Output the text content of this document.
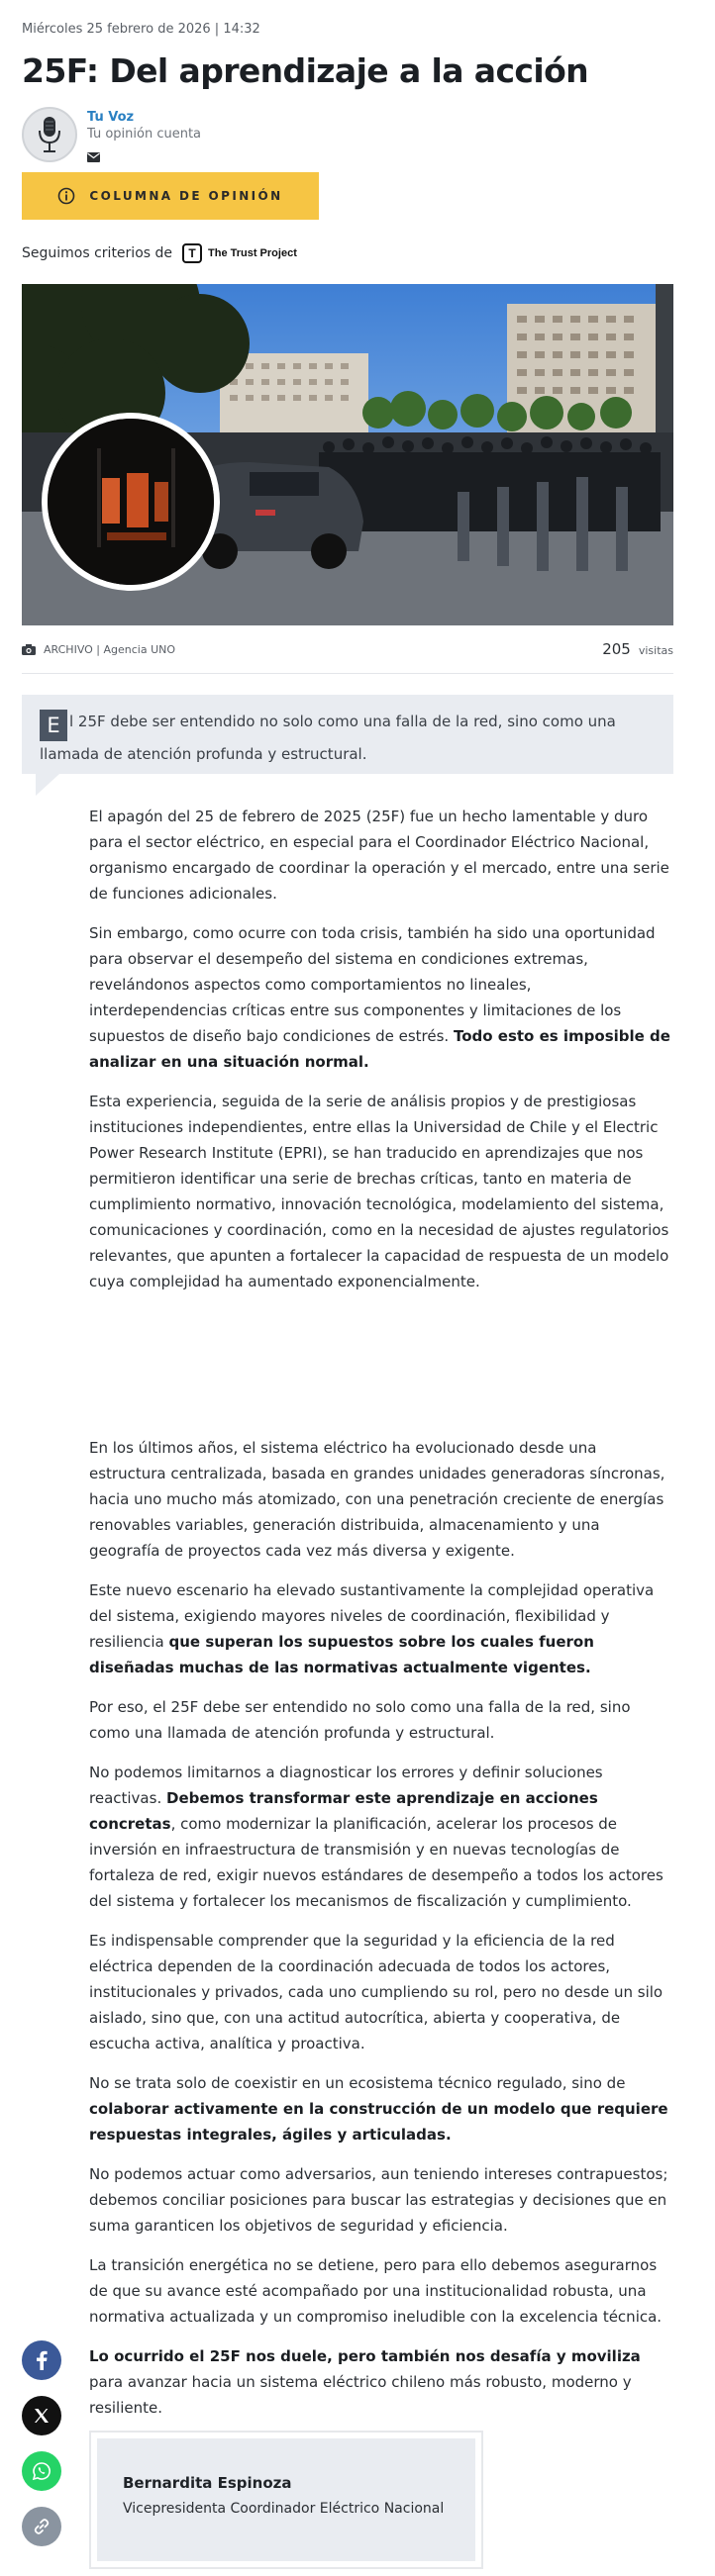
Miércoles 25 febrero de 2026 | 14:32
25F: Del aprendizaje a la acción
Tu Voz
Tu opinión cuenta
COLUMNA DE OPINIÓN
Seguimos criterios de	T	The Trust Project
ARCHIVO | Agencia UNO	205 visitas
E l 25F debe ser entendido no solo como una falla de la red, sino como una llamada de atención profunda y estructural.

El apagón del 25 de febrero de 2025 (25F) fue un hecho lamentable y duro para el sector eléctrico, en especial para el Coordinador Eléctrico Nacional, organismo encargado de coordinar la operación y el mercado, entre una serie de funciones adicionales.

Sin embargo, como ocurre con toda crisis, también ha sido una oportunidad para observar el desempeño del sistema en condiciones extremas, revelándonos aspectos como comportamientos no lineales, interdependencias críticas entre sus componentes y limitaciones de los supuestos de diseño bajo condiciones de estrés. Todo esto es imposible de analizar en una situación normal.

Esta experiencia, seguida de la serie de análisis propios y de prestigiosas instituciones independientes, entre ellas la Universidad de Chile y el Electric Power Research Institute (EPRI), se han traducido en aprendizajes que nos permitieron identificar una serie de brechas críticas, tanto en materia de cumplimiento normativo, innovación tecnológica, modelamiento del sistema, comunicaciones y coordinación, como en la necesidad de ajustes regulatorios relevantes, que apunten a fortalecer la capacidad de respuesta de un modelo cuya complejidad ha aumentado exponencialmente.

En los últimos años, el sistema eléctrico ha evolucionado desde una estructura centralizada, basada en grandes unidades generadoras síncronas, hacia uno mucho más atomizado, con una penetración creciente de energías renovables variables, generación distribuida, almacenamiento y una geografía de proyectos cada vez más diversa y exigente.

Este nuevo escenario ha elevado sustantivamente la complejidad operativa del sistema, exigiendo mayores niveles de coordinación, flexibilidad y resiliencia que superan los supuestos sobre los cuales fueron diseñadas muchas de las normativas actualmente vigentes.

Por eso, el 25F debe ser entendido no solo como una falla de la red, sino como una llamada de atención profunda y estructural.

No podemos limitarnos a diagnosticar los errores y definir soluciones reactivas. Debemos transformar este aprendizaje en acciones concretas, como modernizar la planificación, acelerar los procesos de inversión en infraestructura de transmisión y en nuevas tecnologías de fortaleza de red, exigir nuevos estándares de desempeño a todos los actores del sistema y fortalecer los mecanismos de fiscalización y cumplimiento.

Es indispensable comprender que la seguridad y la eficiencia de la red eléctrica dependen de la coordinación adecuada de todos los actores, institucionales y privados, cada uno cumpliendo su rol, pero no desde un silo aislado, sino que, con una actitud autocrítica, abierta y cooperativa, de escucha activa, analítica y proactiva.

No se trata solo de coexistir en un ecosistema técnico regulado, sino de colaborar activamente en la construcción de un modelo que requiere respuestas integrales, ágiles y articuladas.

No podemos actuar como adversarios, aun teniendo intereses contrapuestos; debemos conciliar posiciones para buscar las estrategias y decisiones que en suma garanticen los objetivos de seguridad y eficiencia.

La transición energética no se detiene, pero para ello debemos asegurarnos de que su avance esté acompañado por una institucionalidad robusta, una normativa actualizada y un compromiso ineludible con la excelencia técnica.

Lo ocurrido el 25F nos duele, pero también nos desafía y moviliza para avanzar hacia un sistema eléctrico chileno más robusto, moderno y resiliente.

Bernardita Espinoza
Vicepresidenta Coordinador Eléctrico Nacional
